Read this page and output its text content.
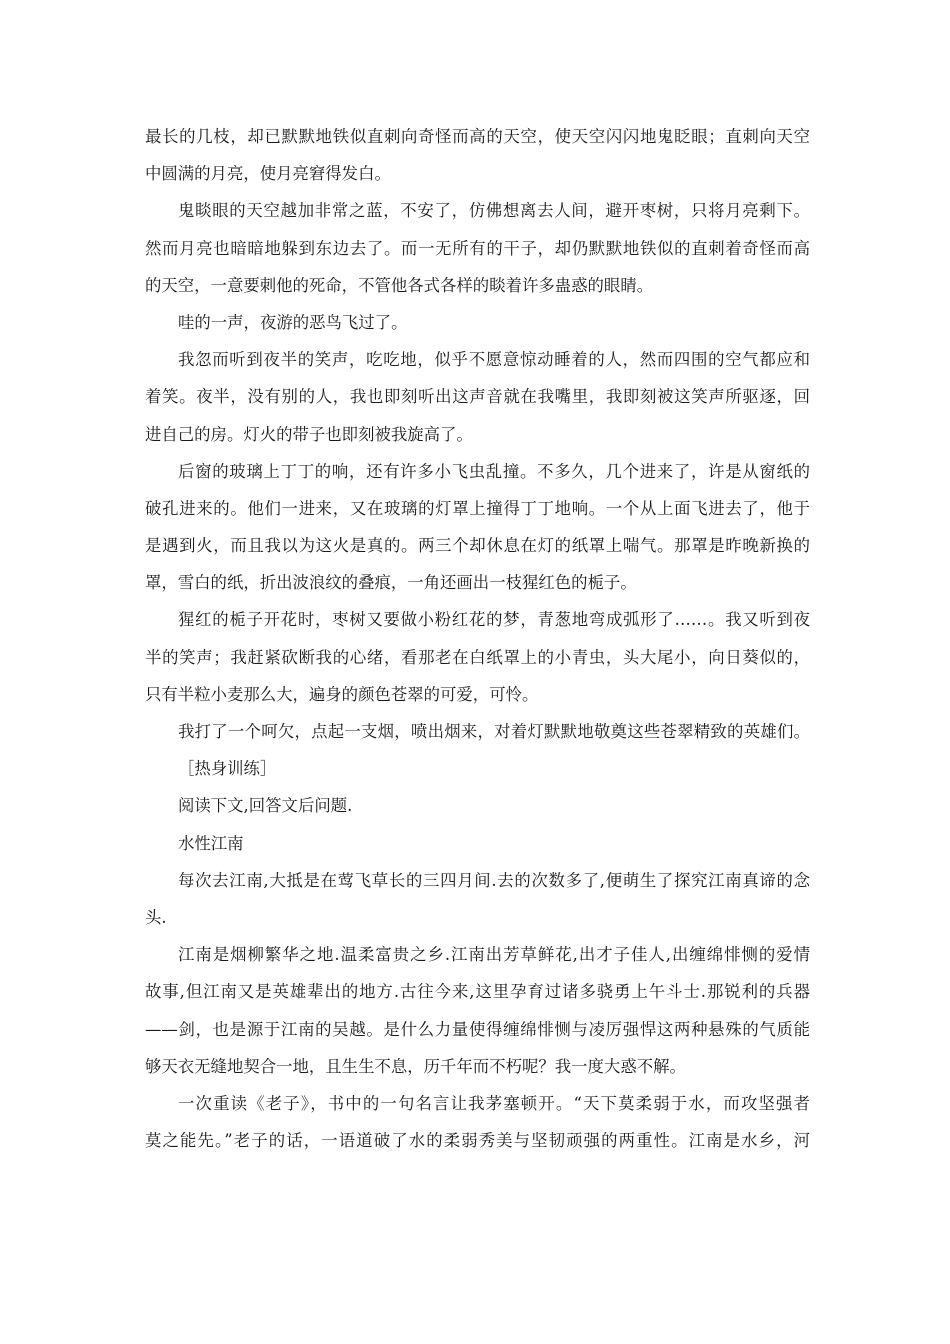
最长的几枝，却已默默地铁似直刺向奇怪而高的天空，使天空闪闪地鬼眨眼；直刺向天空
中圆满的月亮，使月亮窘得发白。
鬼睒眼的天空越加非常之蓝，不安了，仿佛想离去人间，避开枣树，只将月亮剩下。
然而月亮也暗暗地躲到东边去了。而一无所有的干子，却仍默默地铁似的直刺着奇怪而高
的天空，一意要刺他的死命，不管他各式各样的睒着许多蛊惑的眼睛。
哇的一声，夜游的恶鸟飞过了。
我忽而听到夜半的笑声，吃吃地，似乎不愿意惊动睡着的人，然而四围的空气都应和
着笑。夜半，没有别的人，我也即刻听出这声音就在我嘴里，我即刻被这笑声所驱逐，回
进自己的房。灯火的带子也即刻被我旋高了。
后窗的玻璃上丁丁的响，还有许多小飞虫乱撞。不多久，几个进来了，许是从窗纸的
破孔进来的。他们一进来，又在玻璃的灯罩上撞得丁丁地响。一个从上面飞进去了，他于
是遇到火，而且我以为这火是真的。两三个却休息在灯的纸罩上喘气。那罩是昨晚新换的
罩，雪白的纸，折出波浪纹的叠痕，一角还画出一枝猩红色的栀子。
猩红的栀子开花时，枣树又要做小粉红花的梦，青葱地弯成弧形了……。我又听到夜
半的笑声；我赶紧砍断我的心绪，看那老在白纸罩上的小青虫，头大尾小，向日葵似的，
只有半粒小麦那么大，遍身的颜色苍翠的可爱，可怜。
我打了一个呵欠，点起一支烟，喷出烟来，对着灯默默地敬奠这些苍翠精致的英雄们。
［热身训练］
阅读下文,回答文后问题.
水性江南
每次去江南,大抵是在莺飞草长的三四月间.去的次数多了,便萌生了探究江南真谛的念
头.
江南是烟柳繁华之地.温柔富贵之乡.江南出芳草鲜花,出才子佳人,出缠绵悱恻的爱情
故事,但江南又是英雄辈出的地方.古往今来,这里孕育过诸多骁勇上午斗士.那锐利的兵器
——剑，也是源于江南的吴越。是什么力量使得缠绵悱恻与凌厉强悍这两种悬殊的气质能
够天衣无缝地契合一地，且生生不息，历千年而不朽呢？我一度大惑不解。
一次重读《老子》，书中的一句名言让我茅塞顿开。“天下莫柔弱于水，而攻坚强者
莫之能先。”老子的话，一语道破了水的柔弱秀美与坚韧顽强的两重性。江南是水乡，河
